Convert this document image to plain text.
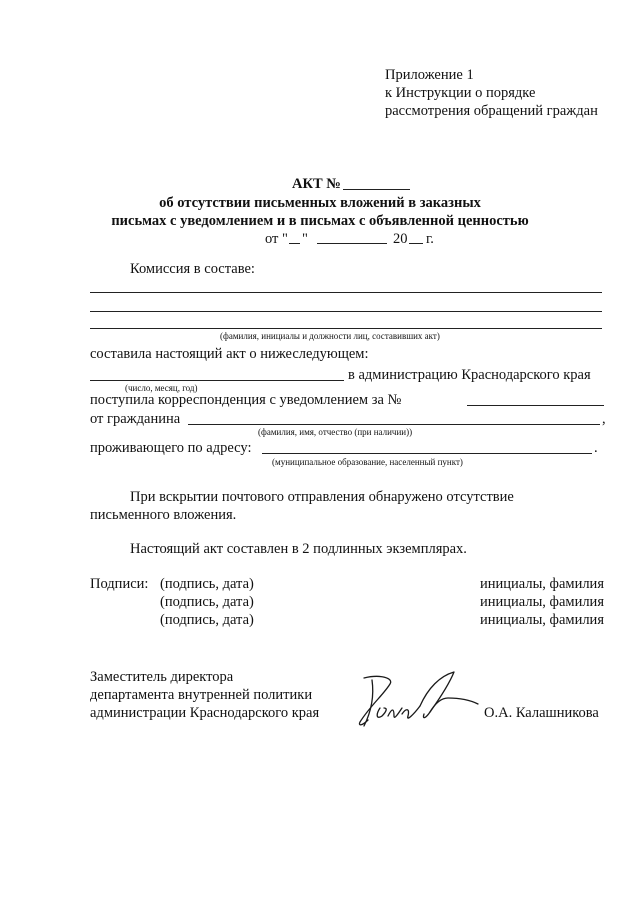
Приложение 1
к Инструкции о порядке
рассмотрения обращений граждан
АКТ №
об отсутствии письменных вложений в заказных
письмах с уведомлением и в письмах с объявленной ценностью
от " "	20 г.
Комиссия в составе:
(фамилия, инициалы и должности лиц, составивших акт)
составила настоящий акт о нижеследующем:
в администрацию Краснодарского края
(число, месяц, год)
поступила корреспонденция с уведомлением за №
от гражданина	,
(фамилия, имя, отчество (при наличии))
проживающего по адресу:	.
(муниципальное образование, населенный пункт)
При вскрытии почтового отправления обнаружено отсутствие
письменного вложения.
Настоящий акт составлен в 2 подлинных экземплярах.
Подписи: (подпись, дата)	инициалы, фамилия
(подпись, дата)	инициалы, фамилия
(подпись, дата)	инициалы, фамилия
Заместитель директора
департамента внутренней политики
администрации Краснодарского края	О.А. Калашникова
